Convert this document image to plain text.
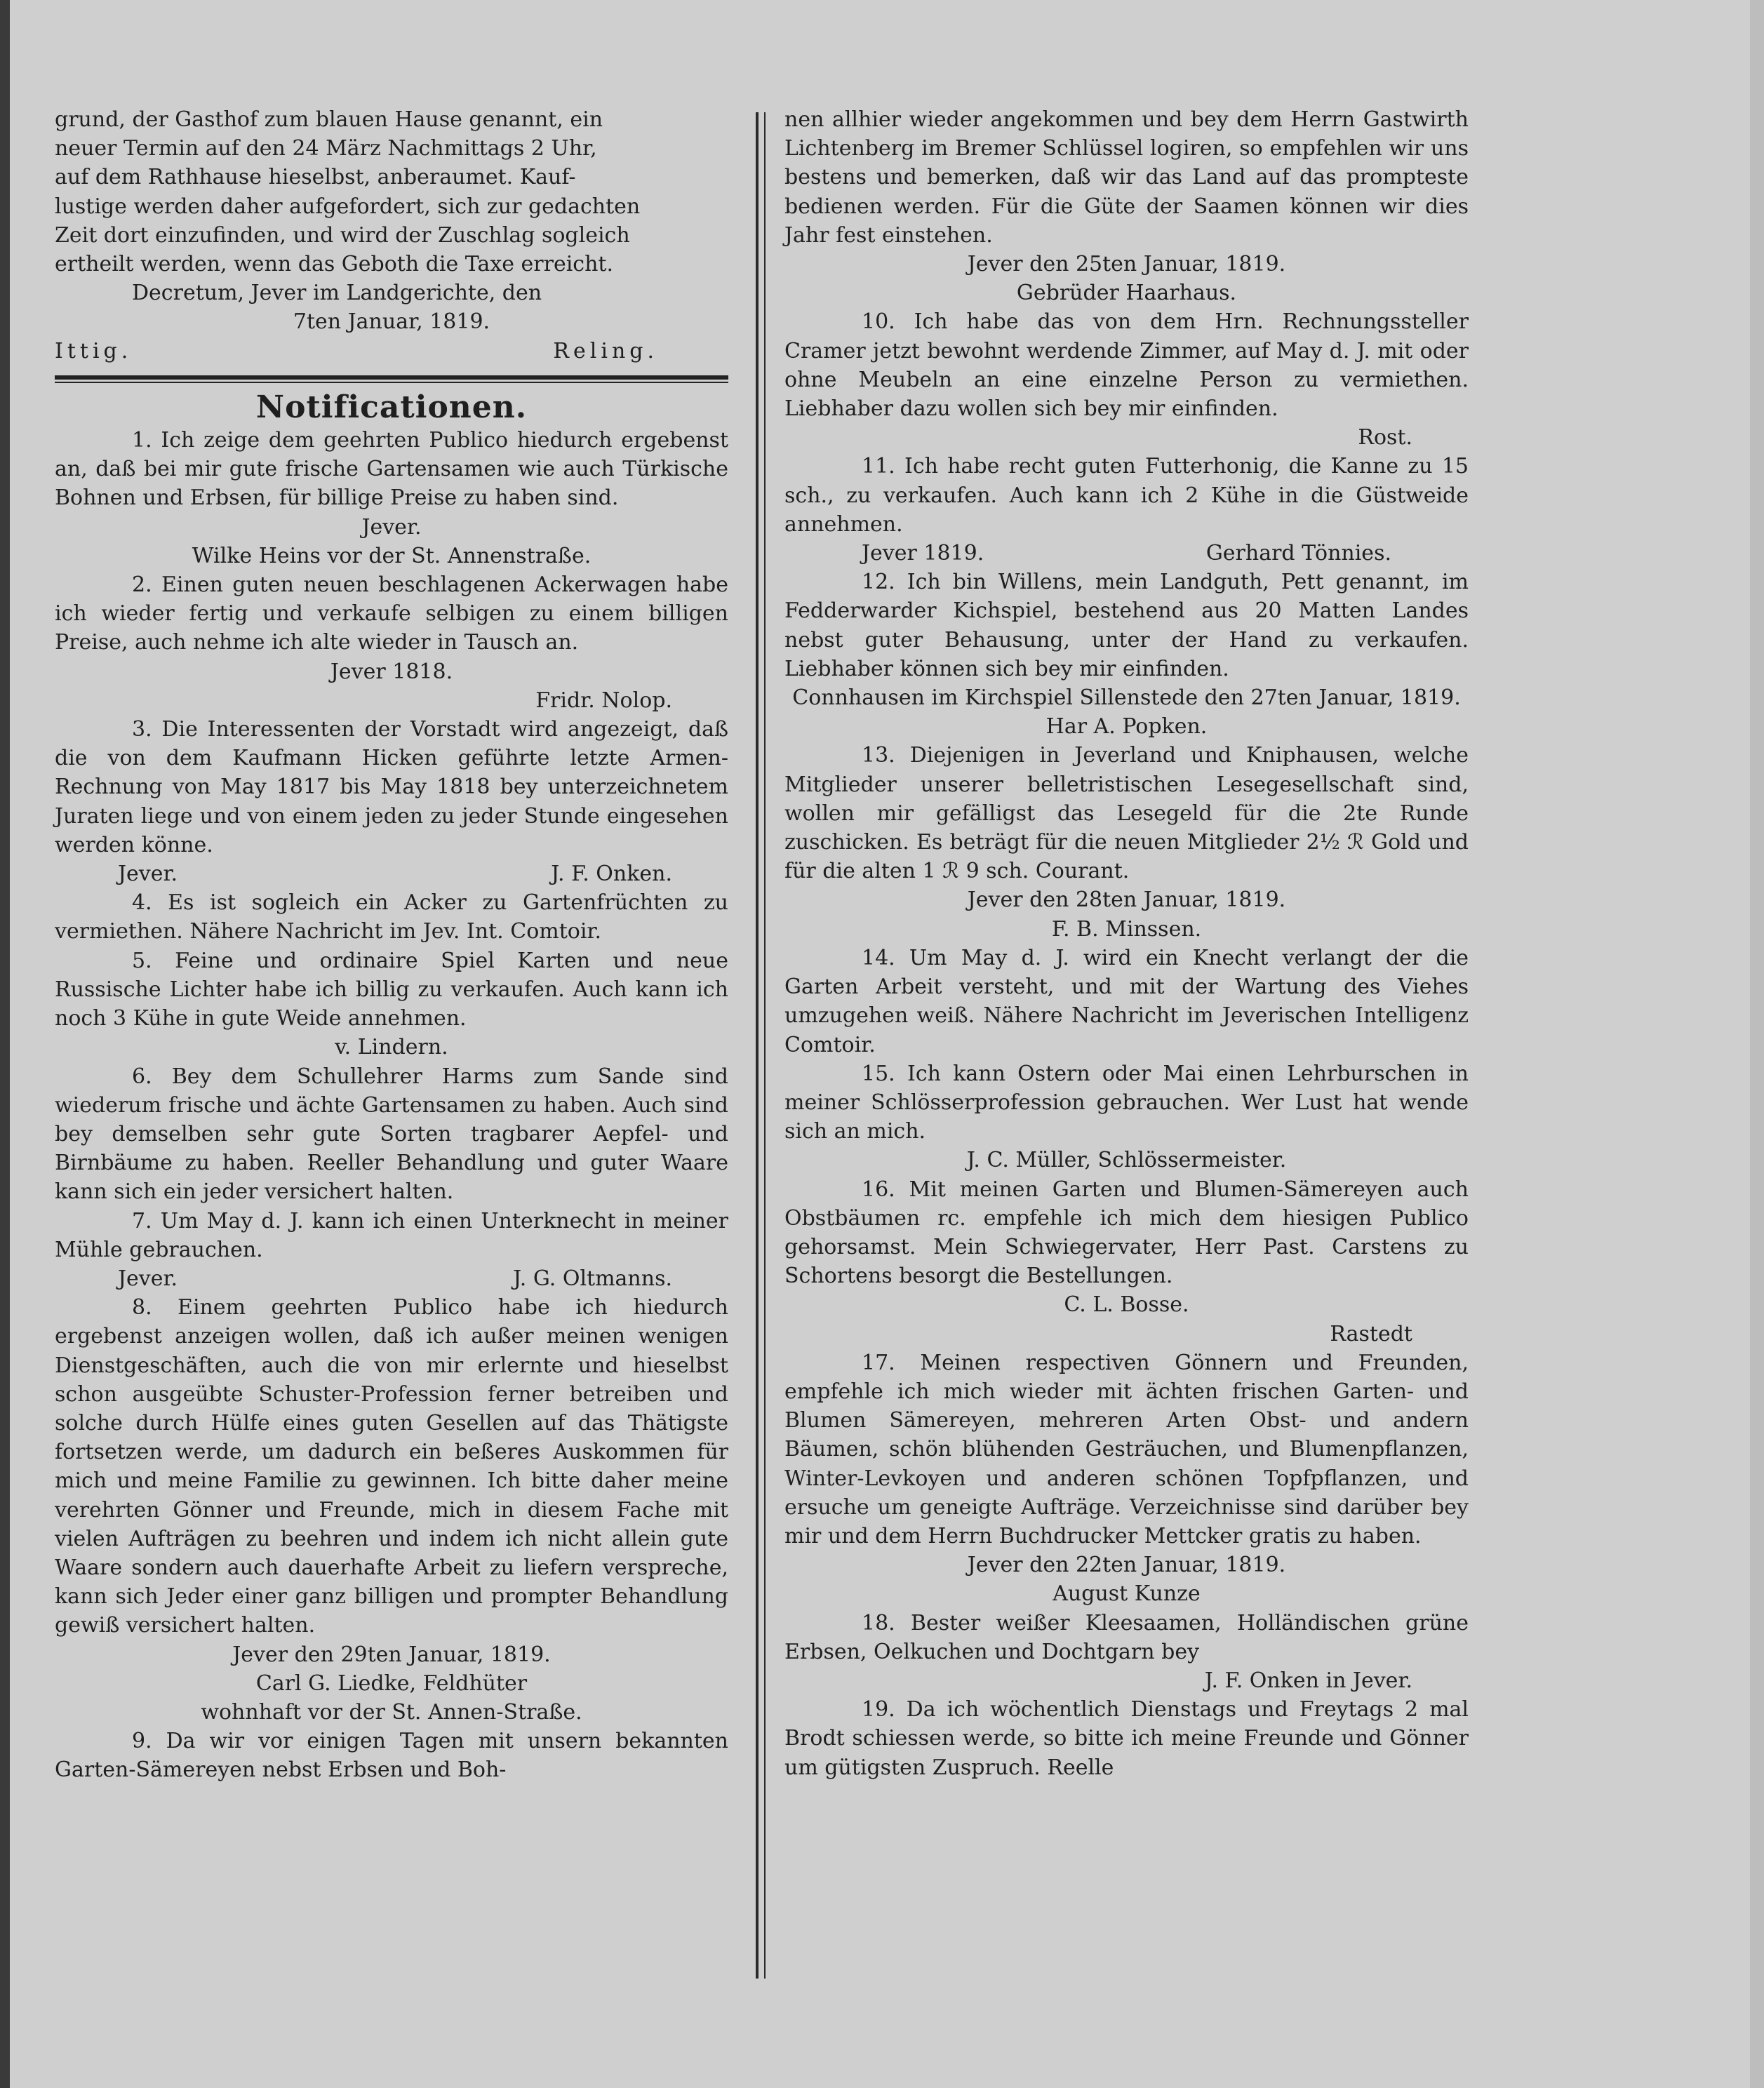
grund, der Gasthof zum blauen Hause genannt, ein

neuer Termin auf den 24 März Nachmittags 2 Uhr,

auf dem Rathhause hieselbst, anberaumet. Kauf-

lustige werden daher aufgefordert, sich zur gedachten

Zeit dort einzufinden, und wird der Zuschlag sogleich

ertheilt werden, wenn das Geboth die Taxe erreicht.

Decretum, Jever im Landgerichte, den

7ten Januar, 1819.

Ittig.	Reling.
Notificationen.

1. Ich zeige dem geehrten Publico hiedurch ergebenst an, daß bei mir gute frische Gartensamen wie auch Türkische Bohnen und Erbsen, für billige Preise zu haben sind.

Jever.

Wilke Heins vor der St. Annenstraße.

2. Einen guten neuen beschlagenen Ackerwagen habe ich wieder fertig und verkaufe selbigen zu einem billigen Preise, auch nehme ich alte wieder in Tausch an.

Jever 1818.

Fridr. Nolop.

3. Die Interessenten der Vorstadt wird angezeigt, daß die von dem Kaufmann Hicken geführte letzte Armen-Rechnung von May 1817 bis May 1818 bey unterzeichnetem Juraten liege und von einem jeden zu jeder Stunde eingesehen werden könne.

Jever.	J. F. Onken.

4. Es ist sogleich ein Acker zu Gartenfrüchten zu vermiethen. Nähere Nachricht im Jev. Int. Comtoir.

5. Feine und ordinaire Spiel Karten und neue Russische Lichter habe ich billig zu verkaufen. Auch kann ich noch 3 Kühe in gute Weide annehmen.

v. Lindern.

6. Bey dem Schullehrer Harms zum Sande sind wiederum frische und ächte Gartensamen zu haben. Auch sind bey demselben sehr gute Sorten tragbarer Aepfel- und Birnbäume zu haben. Reeller Behandlung und guter Waare kann sich ein jeder versichert halten.

7. Um May d. J. kann ich einen Unterknecht in meiner Mühle gebrauchen.

Jever.	J. G. Oltmanns.

8. Einem geehrten Publico habe ich hiedurch ergebenst anzeigen wollen, daß ich außer meinen wenigen Dienstgeschäften, auch die von mir erlernte und hieselbst schon ausgeübte Schuster-Profession ferner betreiben und solche durch Hülfe eines guten Gesellen auf das Thätigste fortsetzen werde, um dadurch ein beßeres Auskommen für mich und meine Familie zu gewinnen. Ich bitte daher meine verehrten Gönner und Freunde, mich in diesem Fache mit vielen Aufträgen zu beehren und indem ich nicht allein gute Waare sondern auch dauerhafte Arbeit zu liefern verspreche, kann sich Jeder einer ganz billigen und prompter Behandlung gewiß versichert halten.

Jever den 29ten Januar, 1819.

Carl G. Liedke, Feldhüter

wohnhaft vor der St. Annen-Straße.

9. Da wir vor einigen Tagen mit unsern bekannten Garten-Sämereyen nebst Erbsen und Boh-

nen allhier wieder angekommen und bey dem Herrn Gastwirth Lichtenberg im Bremer Schlüssel logiren, so empfehlen wir uns bestens und bemerken, daß wir das Land auf das prompteste bedienen werden. Für die Güte der Saamen können wir dies Jahr fest einstehen.

Jever den 25ten Januar, 1819.

Gebrüder Haarhaus.

10. Ich habe das von dem Hrn. Rechnungssteller Cramer jetzt bewohnt werdende Zimmer, auf May d. J. mit oder ohne Meubeln an eine einzelne Person zu vermiethen. Liebhaber dazu wollen sich bey mir einfinden.

Rost.

11. Ich habe recht guten Futterhonig, die Kanne zu 15 sch., zu verkaufen. Auch kann ich 2 Kühe in die Güstweide annehmen.

Jever 1819.	Gerhard Tönnies.

12. Ich bin Willens, mein Landguth, Pett genannt, im Fedderwarder Kichspiel, bestehend aus 20 Matten Landes nebst guter Behausung, unter der Hand zu verkaufen. Liebhaber können sich bey mir einfinden.

Connhausen im Kirchspiel Sillenstede den 27ten Januar, 1819.

Har A. Popken.

13. Diejenigen in Jeverland und Kniphausen, welche Mitglieder unserer belletristischen Lesegesellschaft sind, wollen mir gefälligst das Lesegeld für die 2te Runde zuschicken. Es beträgt für die neuen Mitglieder 2½ ℛ Gold und für die alten 1 ℛ 9 sch. Courant.

Jever den 28ten Januar, 1819.

F. B. Minssen.

14. Um May d. J. wird ein Knecht verlangt der die Garten Arbeit versteht, und mit der Wartung des Viehes umzugehen weiß. Nähere Nachricht im Jeverischen Intelligenz Comtoir.

15. Ich kann Ostern oder Mai einen Lehrburschen in meiner Schlösserprofession gebrauchen. Wer Lust hat wende sich an mich.

J. C. Müller, Schlössermeister.

16. Mit meinen Garten und Blumen-Sämereyen auch Obstbäumen rc. empfehle ich mich dem hiesigen Publico gehorsamst. Mein Schwiegervater, Herr Past. Carstens zu Schortens besorgt die Bestellungen.

C. L. Bosse.

Rastedt

17. Meinen respectiven Gönnern und Freunden, empfehle ich mich wieder mit ächten frischen Garten- und Blumen Sämereyen, mehreren Arten Obst- und andern Bäumen, schön blühenden Gesträuchen, und Blumenpflanzen, Winter-Levkoyen und anderen schönen Topfpflanzen, und ersuche um geneigte Aufträge. Verzeichnisse sind darüber bey mir und dem Herrn Buchdrucker Mettcker gratis zu haben.

Jever den 22ten Januar, 1819.

August Kunze

18. Bester weißer Kleesaamen, Holländischen grüne Erbsen, Oelkuchen und Dochtgarn bey

J. F. Onken in Jever.

19. Da ich wöchentlich Dienstags und Freytags 2 mal Brodt schiessen werde, so bitte ich meine Freunde und Gönner um gütigsten Zuspruch. Reelle
